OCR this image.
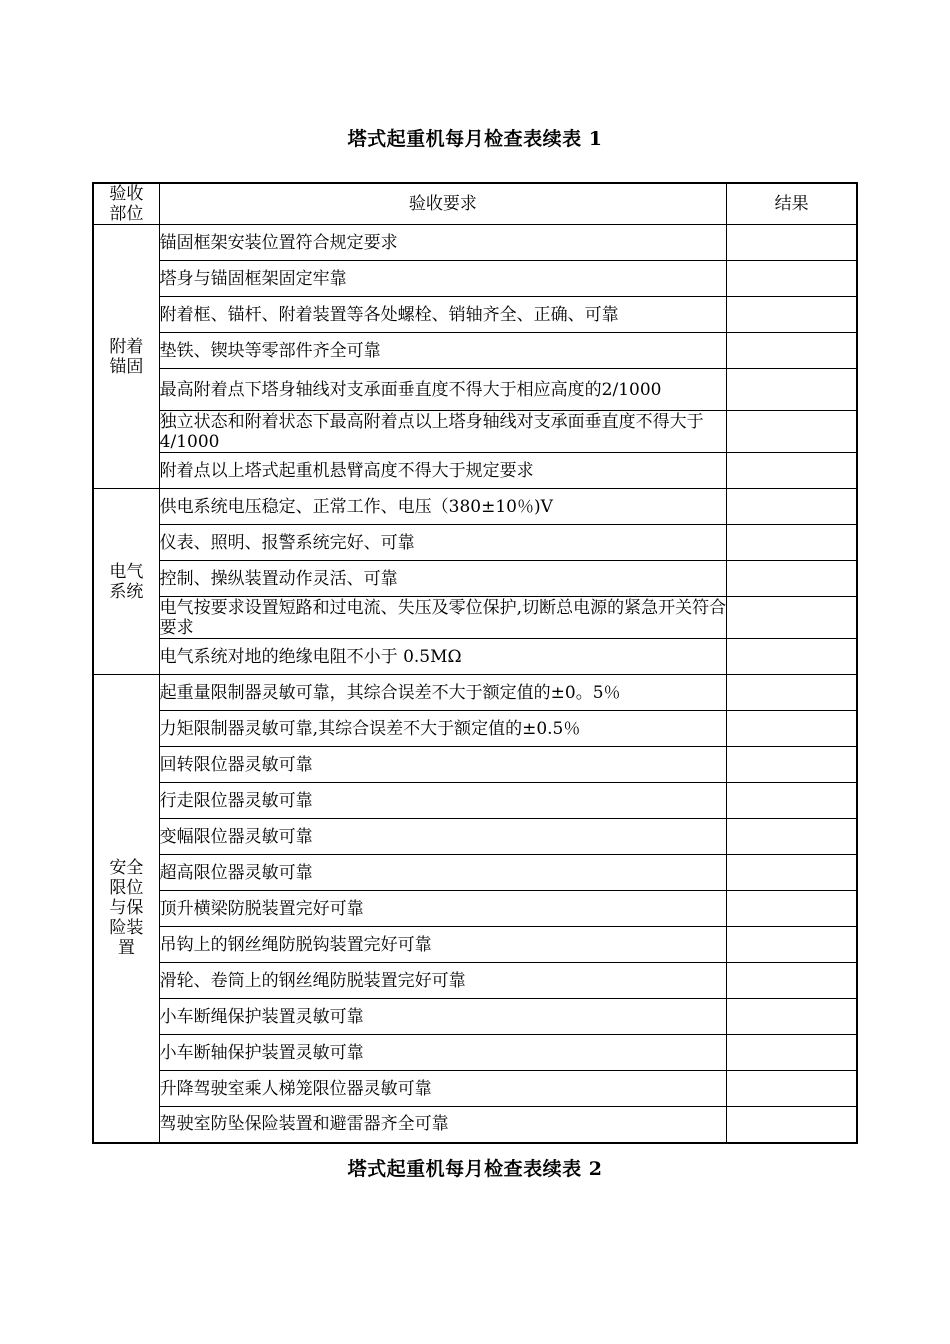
塔式起重机每月检查表续表 1
验收部位	验收要求	结果
附着锚固	锚固框架安装位置符合规定要求	
	塔身与锚固框架固定牢靠	
	附着框、锚杆、附着装置等各处螺栓、销轴齐全、正确、可靠	
	垫铁、锲块等零部件齐全可靠	
	最高附着点下塔身轴线对支承面垂直度不得大于相应高度的2/1000	
	独立状态和附着状态下最高附着点以上塔身轴线对支承面垂直度不得大于 4/1000	
	附着点以上塔式起重机悬臂高度不得大于规定要求	
电气系统	供电系统电压稳定、正常工作、电压（380±10％)V	
	仪表、照明、报警系统完好、可靠	
	控制、操纵装置动作灵活、可靠	
	电气按要求设置短路和过电流、失压及零位保护,切断总电源的紧急开关符合要求	
	电气系统对地的绝缘电阻不小于 0.5MΩ	
安全限位与保险装置	起重量限制器灵敏可靠，其综合误差不大于额定值的±0。5％	
	力矩限制器灵敏可靠,其综合误差不大于额定值的±0.5％	
	回转限位器灵敏可靠	
	行走限位器灵敏可靠	
	变幅限位器灵敏可靠	
	超高限位器灵敏可靠	
	顶升横梁防脱装置完好可靠	
	吊钩上的钢丝绳防脱钩装置完好可靠	
	滑轮、卷筒上的钢丝绳防脱装置完好可靠	
	小车断绳保护装置灵敏可靠	
	小车断轴保护装置灵敏可靠	
	升降驾驶室乘人梯笼限位器灵敏可靠	
	驾驶室防坠保险装置和避雷器齐全可靠	
塔式起重机每月检查表续表 2
